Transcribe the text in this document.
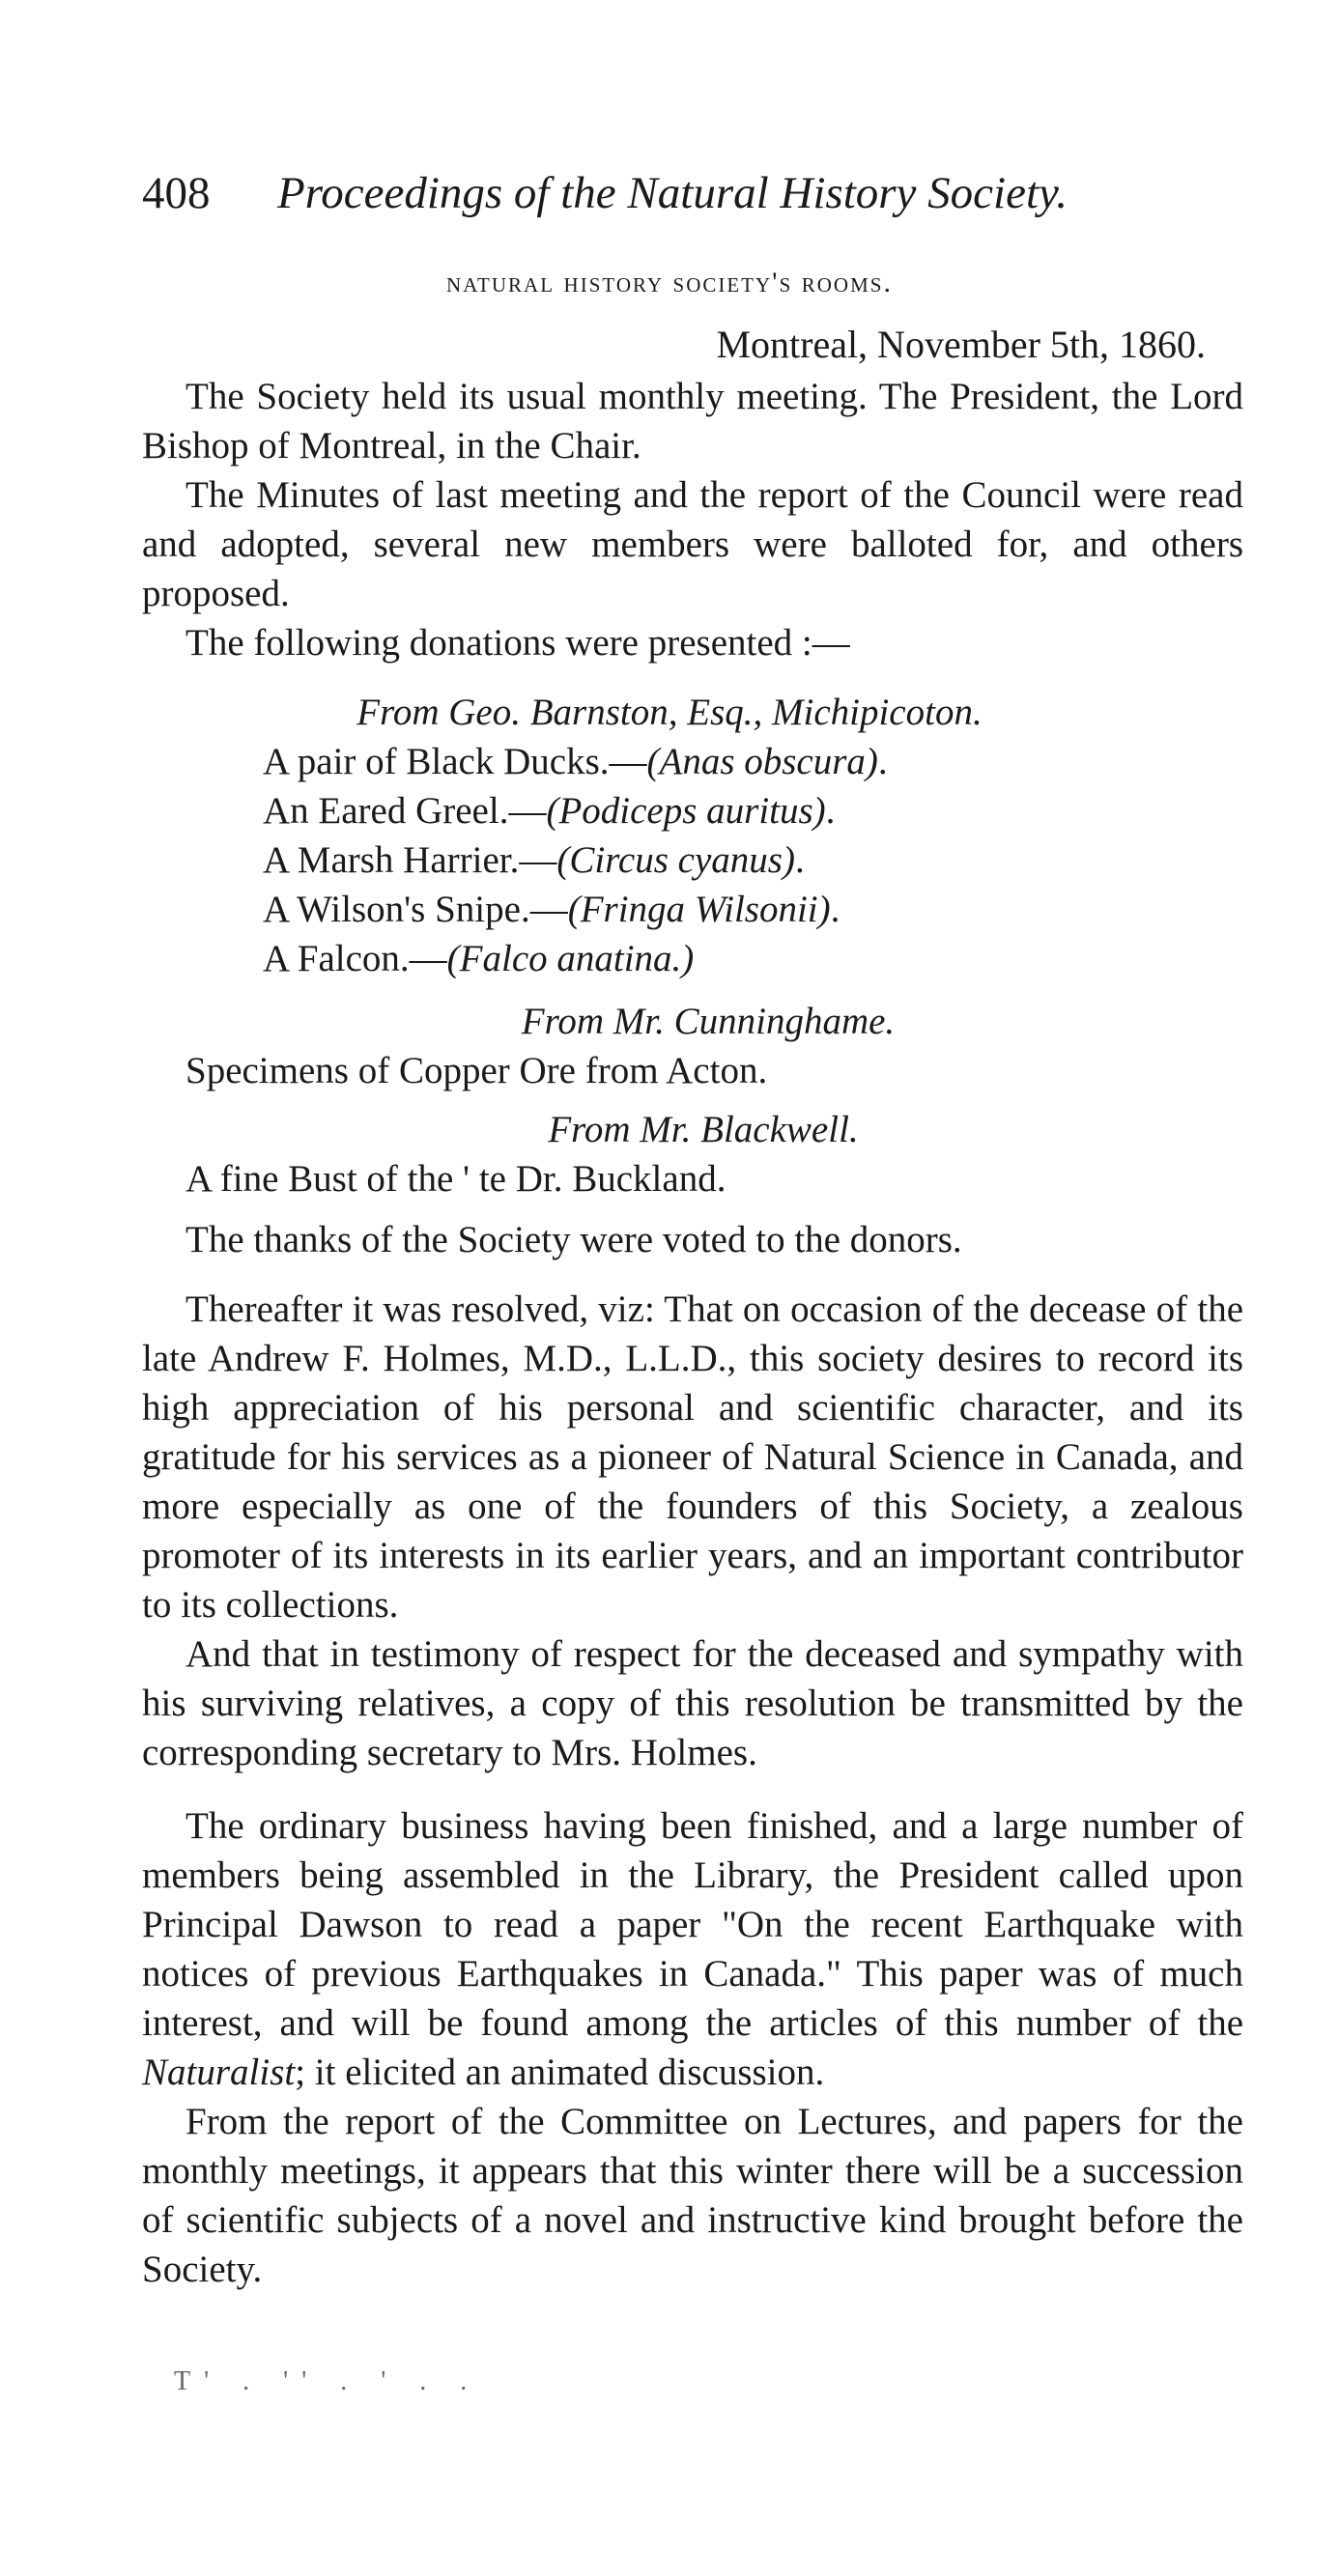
408 Proceedings of the Natural History Society.
natural history society's rooms.
Montreal, November 5th, 1860.

The Society held its usual monthly meeting. The President, the Lord Bishop of Montreal, in the Chair.

The Minutes of last meeting and the report of the Council were read and adopted, several new members were balloted for, and others proposed.

The following donations were presented :—

From Geo. Barnston, Esq., Michipicoton.
A pair of Black Ducks.—(Anas obscura).
An Eared Greel.—(Podiceps auritus).
A Marsh Harrier.—(Circus cyanus).
A Wilson's Snipe.—(Fringa Wilsonii).
A Falcon.—(Falco anatina.)
From Mr. Cunninghame.
Specimens of Copper Ore from Acton.
From Mr. Blackwell.
A fine Bust of the ' te Dr. Buckland.
The thanks of the Society were voted to the donors.

Thereafter it was resolved, viz: That on occasion of the decease of the late Andrew F. Holmes, M.D., L.L.D., this society desires to record its high appreciation of his personal and scientific character, and its gratitude for his services as a pioneer of Natural Science in Canada, and more especially as one of the founders of this Society, a zealous promoter of its interests in its earlier years, and an important contributor to its collections.

And that in testimony of respect for the deceased and sympathy with his surviving relatives, a copy of this resolution be transmitted by the corresponding secretary to Mrs. Holmes.

The ordinary business having been finished, and a large number of members being assembled in the Library, the President called upon Principal Dawson to read a paper "On the recent Earthquake with notices of previous Earthquakes in Canada." This paper was of much interest, and will be found among the articles of this number of the Naturalist; it elicited an animated discussion.

From the report of the Committee on Lectures, and papers for the monthly meetings, it appears that this winter there will be a succession of scientific subjects of a novel and instructive kind brought before the Society.

T' . '' . ' . .
